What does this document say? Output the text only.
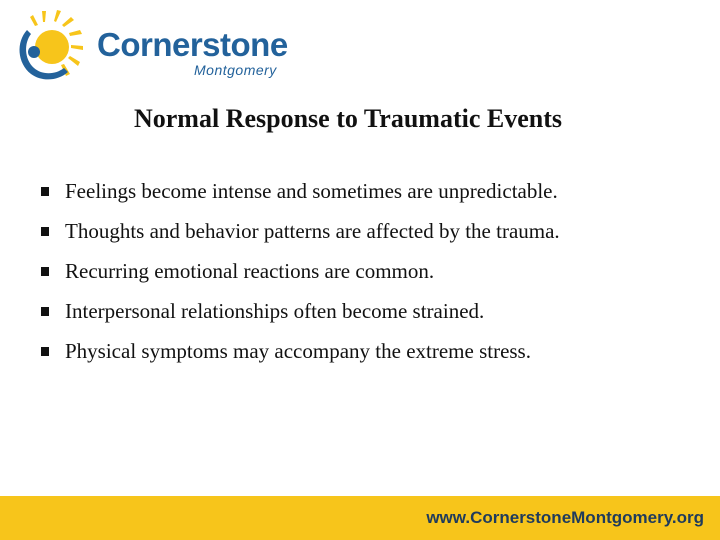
Cornerstone
Montgomery
Normal Response to Traumatic Events
Feelings become intense and sometimes are unpredictable.
Thoughts and behavior patterns are affected by the trauma.
Recurring emotional reactions are common.
Interpersonal relationships often become strained.
Physical symptoms may accompany the extreme stress.
www.CornerstoneMontgomery.org
